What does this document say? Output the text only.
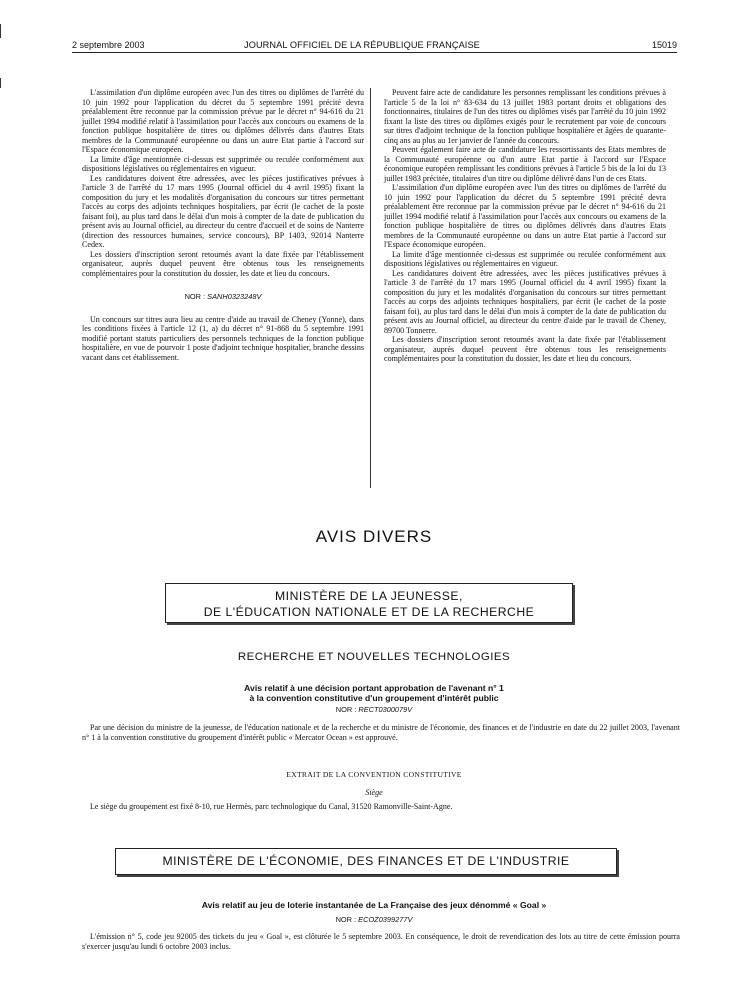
2 septembre 2003	JOURNAL OFFICIEL DE LA RÉPUBLIQUE FRANÇAISE	15019

L'assimilation d'un diplôme européen avec l'un des titres ou diplômes de l'arrêté du 10 juin 1992 pour l'application du décret du 5 septembre 1991 précité devra préalablement être reconnue par la commission prévue par le décret n° 94-616 du 21 juillet 1994 modifié relatif à l'assimilation pour l'accès aux concours ou examens de la fonction publique hospitalière de titres ou diplômes délivrés dans d'autres Etats membres de la Communauté européenne ou dans un autre Etat partie à l'accord sur l'Espace économique européen.

La limite d'âge mentionnée ci-dessus est supprimée ou reculée conformément aux dispositions législatives ou réglementaires en vigueur.

Les candidatures doivent être adressées, avec les pièces justificatives prévues à l'article 3 de l'arrêté du 17 mars 1995 (Journal officiel du 4 avril 1995) fixant la composition du jury et les modalités d'organisation du concours sur titres permettant l'accès au corps des adjoints techniques hospitaliers, par écrit (le cachet de la poste faisant foi), au plus tard dans le délai d'un mois à compter de la date de publication du présent avis au Journal officiel, au directeur du centre d'accueil et de soins de Nanterre (direction des ressources humaines, service concours), BP 1403, 92014 Nanterre Cedex.

Les dossiers d'inscription seront retournés avant la date fixée par l'établissement organisateur, auprès duquel peuvent être obtenus tous les renseignements complémentaires pour la constitution du dossier, les date et lieu du concours.

NOR : SANH0323248V

Un concours sur titres aura lieu au centre d'aide au travail de Cheney (Yonne), dans les conditions fixées à l'article 12 (1, a) du décret n° 91-868 du 5 septembre 1991 modifié portant statuts particuliers des personnels techniques de la fonction publique hospitalière, en vue de pourvoir 1 poste d'adjoint technique hospitalier, branche dessins vacant dans cet établissement.

Peuvent faire acte de candidature les personnes remplissant les conditions prévues à l'article 5 de la loi n° 83-634 du 13 juillet 1983 portant droits et obligations des fonctionnaires, titulaires de l'un des titres ou diplômes visés par l'arrêté du 10 juin 1992 fixant la liste des titres ou diplômes exigés pour le recrutement par voie de concours sur titres d'adjoint technique de la fonction publique hospitalière et âgées de quarante-cinq ans au plus au 1er janvier de l'année du concours.

Peuvent également faire acte de candidature les ressortissants des Etats membres de la Communauté européenne ou d'un autre Etat partie à l'accord sur l'Espace économique européen remplissant les conditions prévues à l'article 5 bis de la loi du 13 juillet 1983 précitée, titulaires d'un titre ou diplôme délivré dans l'un de ces Etats.

L'assimilation d'un diplôme européen avec l'un des titres ou diplômes de l'arrêté du 10 juin 1992 pour l'application du décret du 5 septembre 1991 précité devra préalablement être reconnue par la commission prévue par le décret n° 94-616 du 21 juillet 1994 modifié relatif à l'assimilation pour l'accès aux concours ou examens de la fonction publique hospitalière de titres ou diplômes délivrés dans d'autres Etats membres de la Communauté européenne ou dans un autre Etat partie à l'accord sur l'Espace économique européen.

La limite d'âge mentionnée ci-dessus est supprimée ou reculée conformément aux dispositions législatives ou réglementaires en vigueur.

Les candidatures doivent être adressées, avec les pièces justificatives prévues à l'article 3 de l'arrêté du 17 mars 1995 (Journal officiel du 4 avril 1995) fixant la composition du jury et les modalités d'organisation du concours sur titres permettant l'accès au corps des adjoints techniques hospitaliers, par écrit (le cachet de la poste faisant foi), au plus tard dans le délai d'un mois à compter de la date de publication du présent avis au Journal officiel, au directeur du centre d'aide par le travail de Cheney, 89700 Tonnerre.

Les dossiers d'inscription seront retournés avant la date fixée par l'établissement organisateur, auprès duquel peuvent être obtenus tous les renseignements complémentaires pour la constitution du dossier, les date et lieu du concours.

AVIS DIVERS
MINISTÈRE DE LA JEUNESSE,
DE L'ÉDUCATION NATIONALE ET DE LA RECHERCHE
RECHERCHE ET NOUVELLES TECHNOLOGIES
Avis relatif à une décision portant approbation de l'avenant n° 1
à la convention constitutive d'un groupement d'intérêt public
NOR : RECT0300079V

Par une décision du ministre de la jeunesse, de l'éducation nationale et de la recherche et du ministre de l'économie, des finances et de l'industrie en date du 22 juillet 2003, l'avenant n° 1 à la convention constitutive du groupement d'intérêt public « Mercator Ocean » est approuvé.

EXTRAIT DE LA CONVENTION CONSTITUTIVE
Siège

Le siège du groupement est fixé 8-10, rue Hermès, parc technologique du Canal, 31520 Ramonville-Saint-Agne.

MINISTÈRE DE L'ÉCONOMIE, DES FINANCES ET DE L'INDUSTRIE
Avis relatif au jeu de loterie instantanée de La Française des jeux dénommé « Goal »
NOR : ECOZ0399277V

L'émission n° 5, code jeu 92005 des tickets du jeu « Goal », est clôturée le 5 septembre 2003. En conséquence, le droit de revendication des lots au titre de cette émission pourra s'exercer jusqu'au lundi 6 octobre 2003 inclus.
